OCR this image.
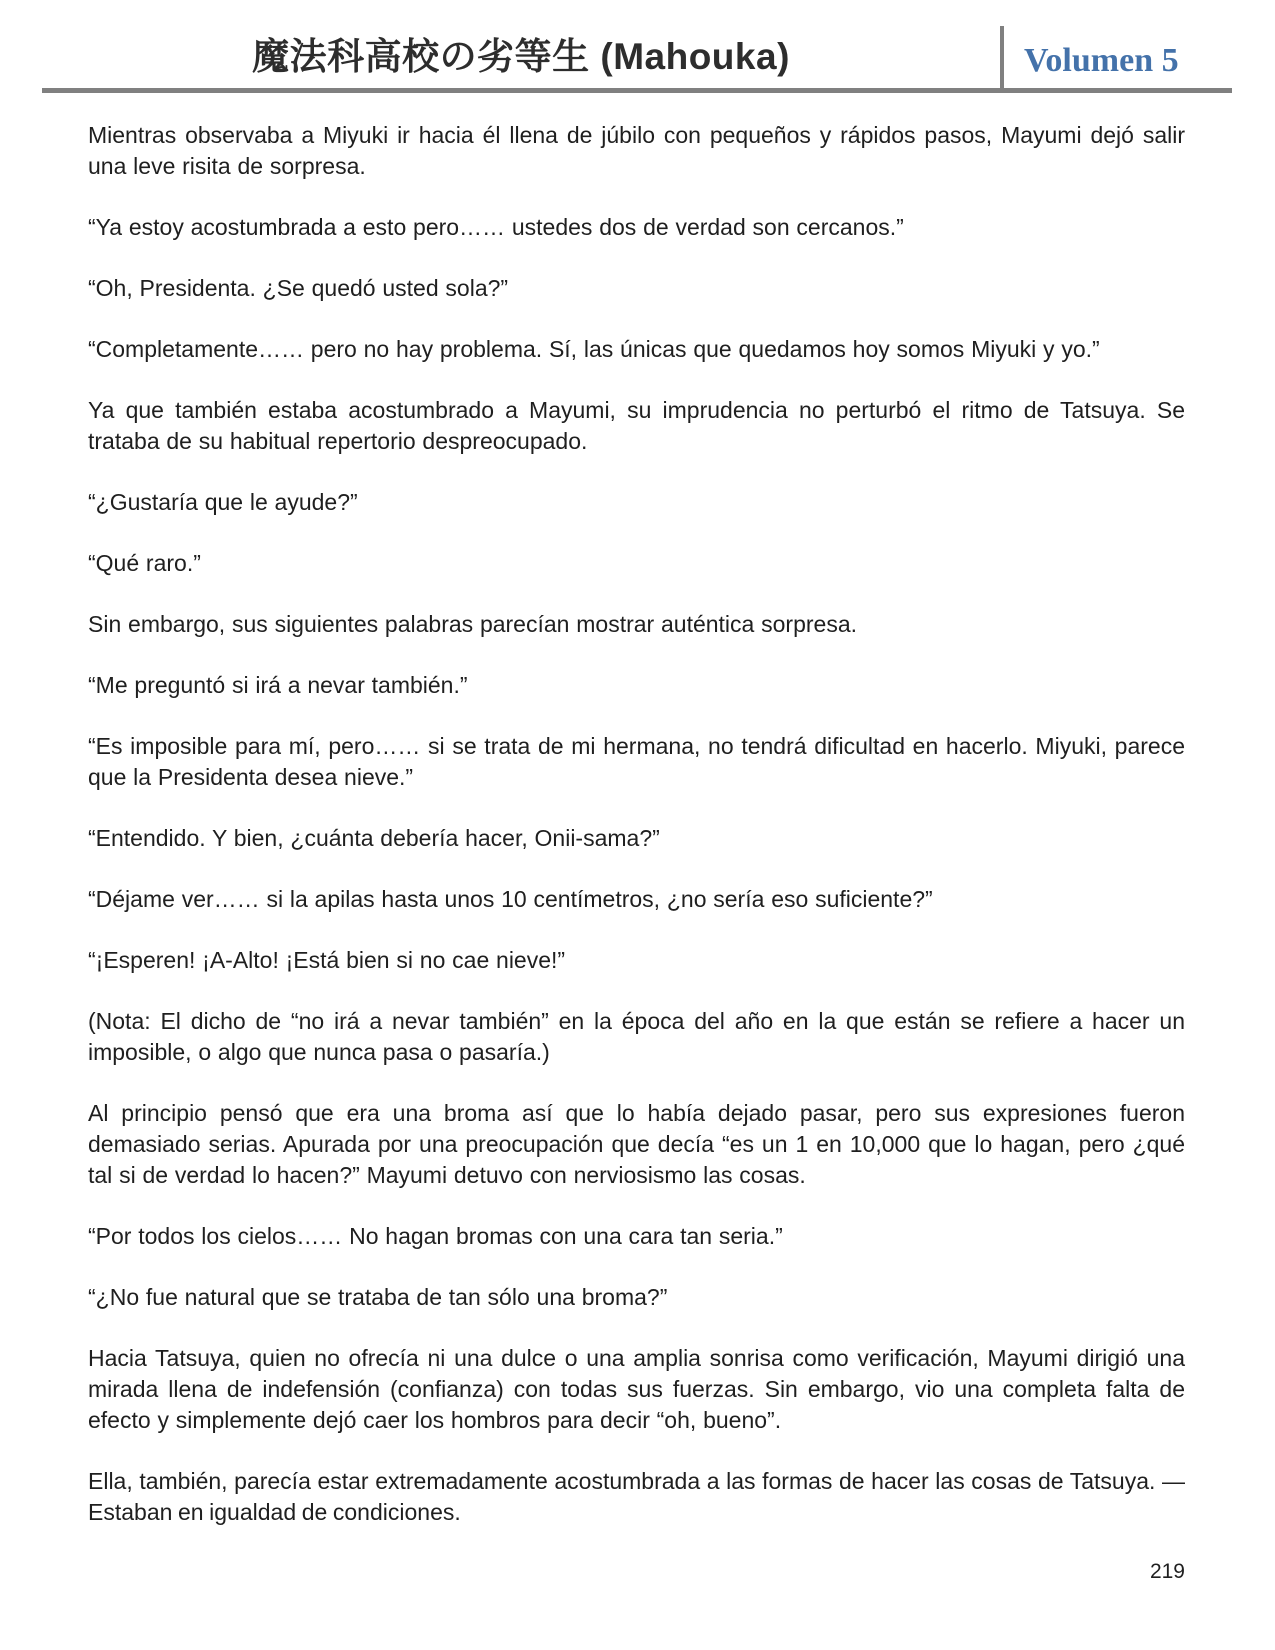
魔法科高校の劣等生 (Mahouka)	Volumen 5

Mientras observaba a Miyuki ir hacia él llena de júbilo con pequeños y rápidos pasos, Mayumi dejó salir una leve risita de sorpresa.

“Ya estoy acostumbrada a esto pero…… ustedes dos de verdad son cercanos.”

“Oh, Presidenta. ¿Se quedó usted sola?”

“Completamente…… pero no hay problema. Sí, las únicas que quedamos hoy somos Miyuki y yo.”

Ya que también estaba acostumbrado a Mayumi, su imprudencia no perturbó el ritmo de Tatsuya. Se trataba de su habitual repertorio despreocupado.

“¿Gustaría que le ayude?”

“Qué raro.”

Sin embargo, sus siguientes palabras parecían mostrar auténtica sorpresa.

“Me preguntó si irá a nevar también.”

“Es imposible para mí, pero…… si se trata de mi hermana, no tendrá dificultad en hacerlo. Miyuki, parece que la Presidenta desea nieve.”

“Entendido. Y bien, ¿cuánta debería hacer, Onii-sama?”

“Déjame ver…… si la apilas hasta unos 10 centímetros, ¿no sería eso suficiente?”

“¡Esperen! ¡A-Alto! ¡Está bien si no cae nieve!”

(Nota: El dicho de “no irá a nevar también” en la época del año en la que están se refiere a hacer un imposible, o algo que nunca pasa o pasaría.)

Al principio pensó que era una broma así que lo había dejado pasar, pero sus expresiones fueron demasiado serias. Apurada por una preocupación que decía “es un 1 en 10,000 que lo hagan, pero ¿qué tal si de verdad lo hacen?” Mayumi detuvo con nerviosismo las cosas.

“Por todos los cielos…… No hagan bromas con una cara tan seria.”

“¿No fue natural que se trataba de tan sólo una broma?”

Hacia Tatsuya, quien no ofrecía ni una dulce o una amplia sonrisa como verificación, Mayumi dirigió una mirada llena de indefensión (confianza) con todas sus fuerzas. Sin embargo, vio una completa falta de efecto y simplemente dejó caer los hombros para decir “oh, bueno”.

Ella, también, parecía estar extremadamente acostumbrada a las formas de hacer las cosas de Tatsuya. — Estaban en igualdad de condiciones.

219
